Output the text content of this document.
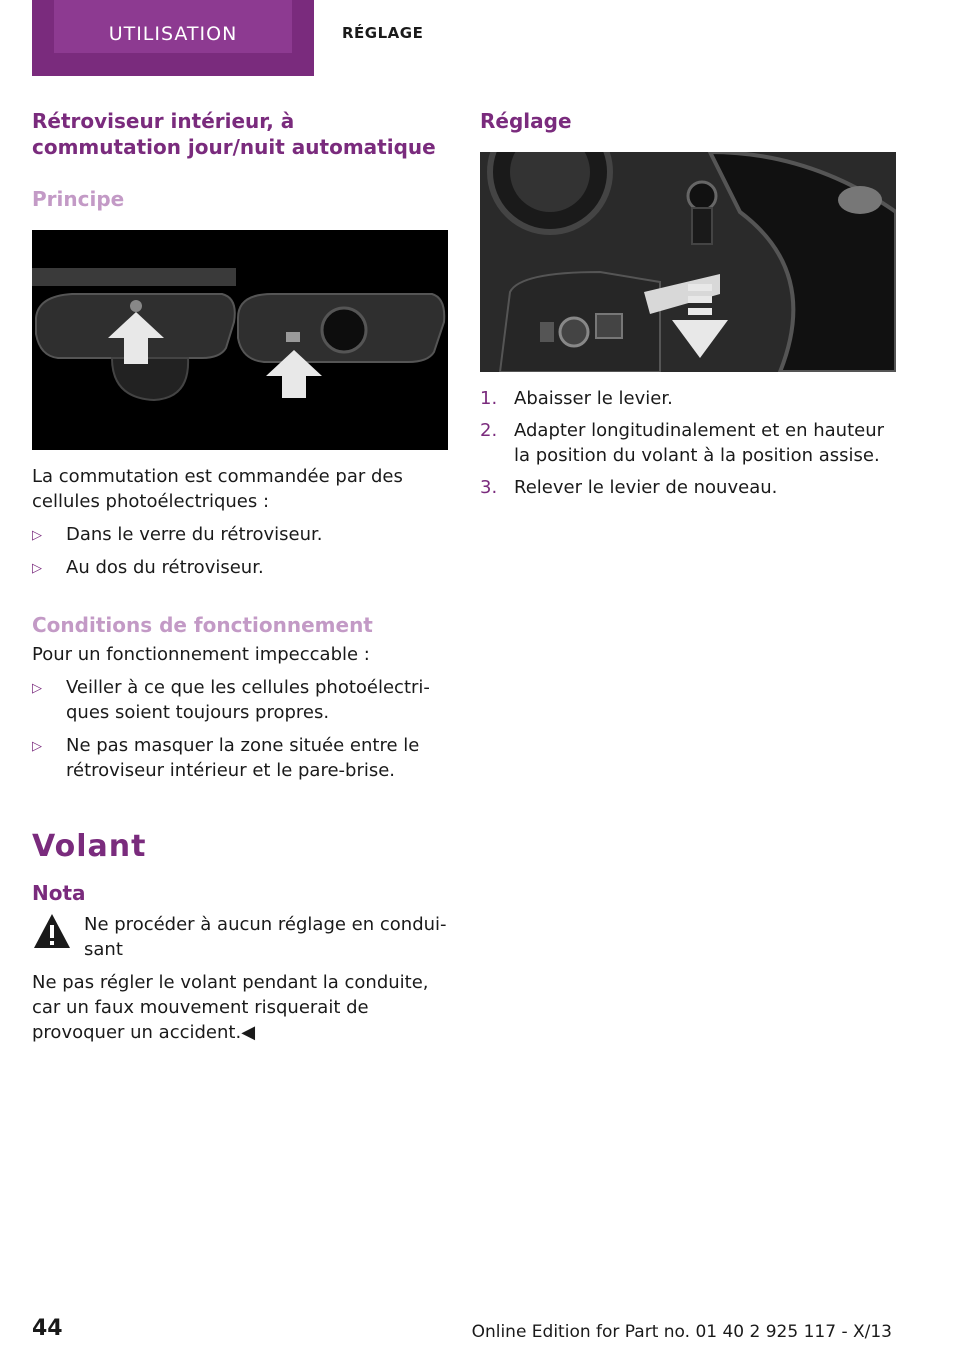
UTILISATION	RÉGLAGE
Rétroviseur intérieur, à commutation jour/nuit automatique
Principe

La commutation est commandée par des cellules photoélectriques :

▷ Dans le verre du rétroviseur.
▷ Au dos du rétroviseur.
Conditions de fonctionnement

Pour un fonctionnement impeccable :

▷ Veiller à ce que les cellules photoélectriques soient toujours propres.
▷ Ne pas masquer la zone située entre le rétroviseur intérieur et le pare-brise.
Volant
Nota

Ne procéder à aucun réglage en conduisant

Ne pas régler le volant pendant la conduite, car un faux mouvement risquerait de provoquer un accident.◀

Réglage
1. Abaisser le levier.
2. Adapter longitudinalement et en hauteur la position du volant à la position assise.
3. Relever le levier de nouveau.
44	Online Edition for Part no. 01 40 2 925 117 - X/13
